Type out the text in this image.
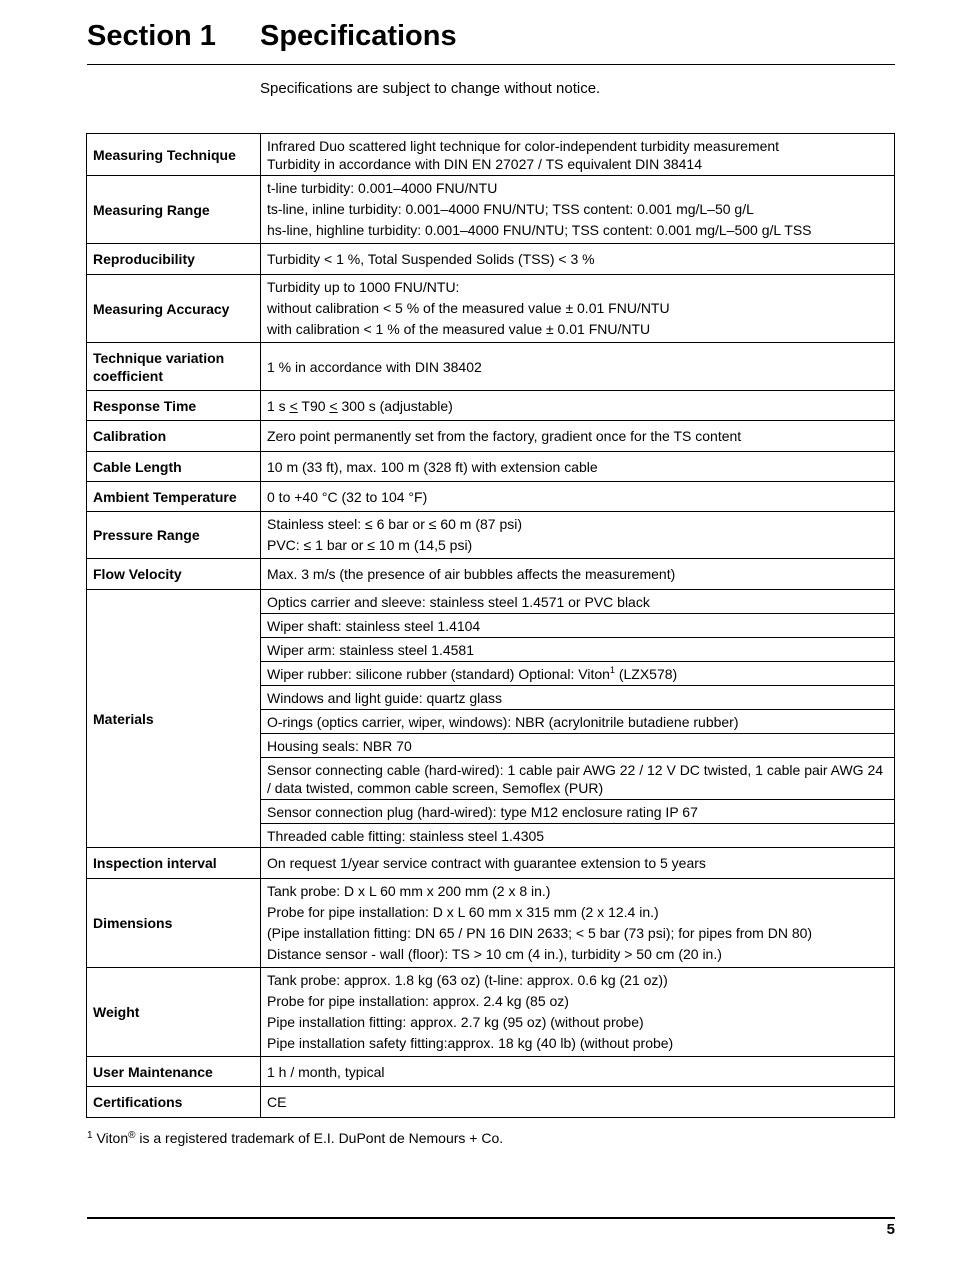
Section 1 Specifications
Specifications are subject to change without notice.
Measuring Technique	Infrared Duo scattered light technique for color-independent turbidity measurement
Turbidity in accordance with DIN EN 27027 / TS equivalent DIN 38414

Measuring Range	t-line turbidity: 0.001–4000 FNU/NTU
ts-line, inline turbidity: 0.001–4000 FNU/NTU; TSS content: 0.001 mg/L–50 g/L
hs-line, highline turbidity: 0.001–4000 FNU/NTU; TSS content: 0.001 mg/L–500 g/L TSS

Reproducibility	Turbidity < 1 %, Total Suspended Solids (TSS) < 3 %
Measuring Accuracy	Turbidity up to 1000 FNU/NTU:
without calibration < 5 % of the measured value ± 0.01 FNU/NTU
with calibration < 1 % of the measured value ± 0.01 FNU/NTU

Technique variation coefficient	1 % in accordance with DIN 38402
Response Time	1 s < T90 < 300 s (adjustable)
Calibration	Zero point permanently set from the factory, gradient once for the TS content
Cable Length	10 m (33 ft), max. 100 m (328 ft) with extension cable
Ambient Temperature	0 to +40 °C (32 to 104 °F)
Pressure Range	Stainless steel: ≤ 6 bar or ≤ 60 m (87 psi)
PVC: ≤ 1 bar or ≤ 10 m (14,5 psi)

Flow Velocity	Max. 3 m/s (the presence of air bubbles affects the measurement)
Materials	Optics carrier and sleeve: stainless steel 1.4571 or PVC black
	Wiper shaft: stainless steel 1.4104
	Wiper arm: stainless steel 1.4581
	Wiper rubber: silicone rubber (standard) Optional: Viton$^1$ (LZX578)
	Windows and light guide: quartz glass
	O-rings (optics carrier, wiper, windows): NBR (acrylonitrile butadiene rubber)
	Housing seals: NBR 70
	Sensor connecting cable (hard-wired): 1 cable pair AWG 22 / 12 V DC twisted, 1 cable pair AWG 24 / data twisted, common cable screen, Semoflex (PUR)
	Sensor connection plug (hard-wired): type M12 enclosure rating IP 67
	Threaded cable fitting: stainless steel 1.4305
Inspection interval	On request 1/year service contract with guarantee extension to 5 years
Dimensions	Tank probe: D x L 60 mm x 200 mm (2 x 8 in.)
Probe for pipe installation: D x L 60 mm x 315 mm (2 x 12.4 in.)
(Pipe installation fitting: DN 65 / PN 16 DIN 2633; < 5 bar (73 psi); for pipes from DN 80)
Distance sensor - wall (floor): TS > 10 cm (4 in.), turbidity > 50 cm (20 in.)

Weight	Tank probe: approx. 1.8 kg (63 oz) (t-line: approx. 0.6 kg (21 oz))
Probe for pipe installation: approx. 2.4 kg (85 oz)
Pipe installation fitting: approx. 2.7 kg (95 oz) (without probe)
Pipe installation safety fitting:approx. 18 kg (40 lb) (without probe)

User Maintenance	1 h / month, typical
Certifications	CE
$^1$ Viton® is a registered trademark of E.I. DuPont de Nemours + Co.
5
